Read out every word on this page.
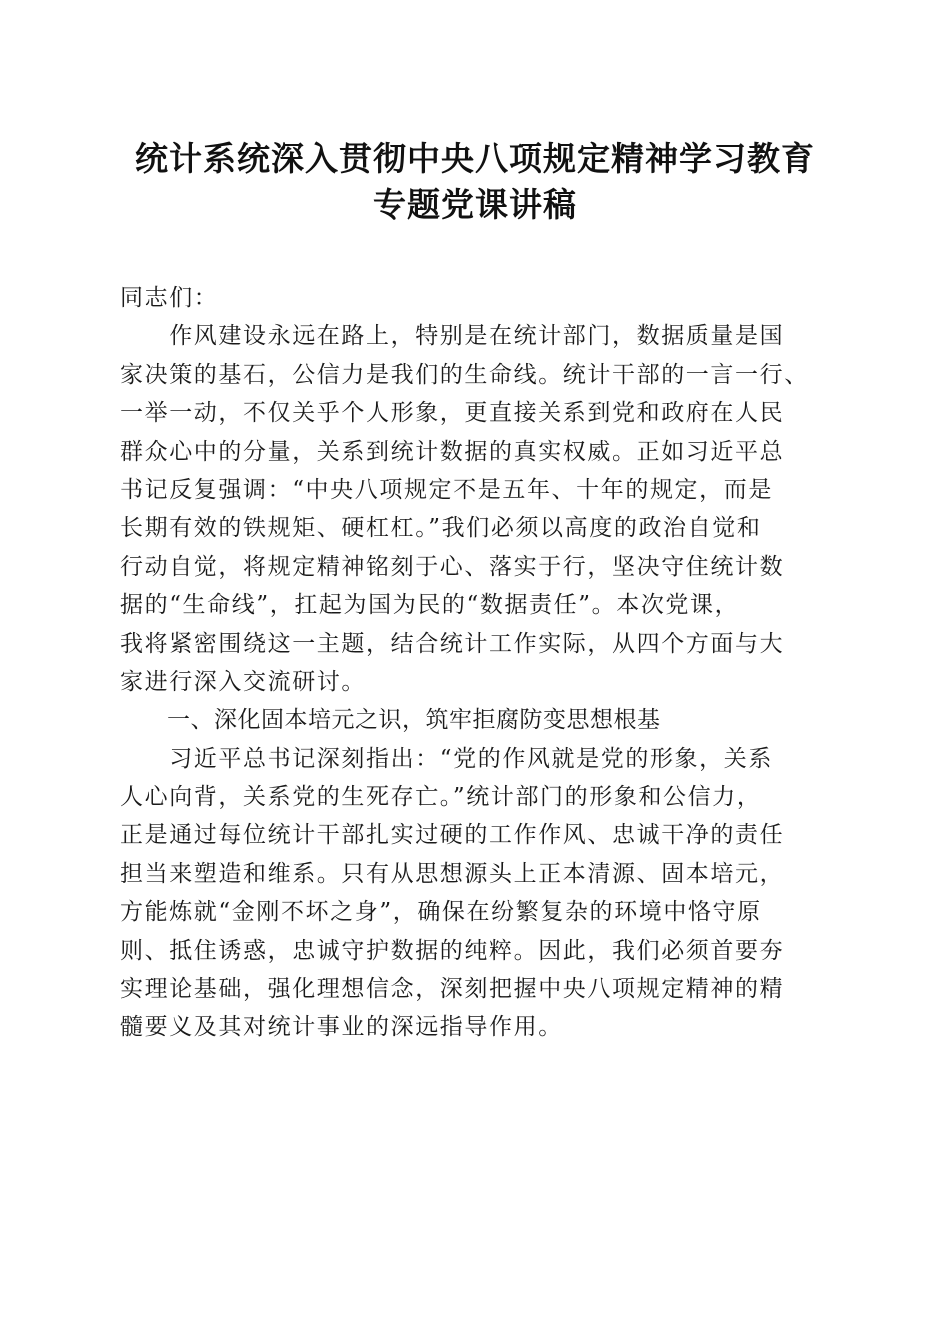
统计系统深入贯彻中央八项规定精神学习教育
专题党课讲稿
同志们：
　　作风建设永远在路上，特别是在统计部门，数据质量是国
家决策的基石，公信力是我们的生命线。统计干部的一言一行、
一举一动，不仅关乎个人形象，更直接关系到党和政府在人民
群众心中的分量，关系到统计数据的真实权威。正如习近平总
书记反复强调：“中央八项规定不是五年、十年的规定，而是
长期有效的铁规矩、硬杠杠。”我们必须以高度的政治自觉和
行动自觉，将规定精神铭刻于心、落实于行，坚决守住统计数
据的“生命线”，扛起为国为民的“数据责任”。本次党课，
我将紧密围绕这一主题，结合统计工作实际，从四个方面与大
家进行深入交流研讨。
　　一、深化固本培元之识，筑牢拒腐防变思想根基
　　习近平总书记深刻指出：“党的作风就是党的形象，关系
人心向背，关系党的生死存亡。”统计部门的形象和公信力，
正是通过每位统计干部扎实过硬的工作作风、忠诚干净的责任
担当来塑造和维系。只有从思想源头上正本清源、固本培元，
方能炼就“金刚不坏之身”，确保在纷繁复杂的环境中恪守原
则、抵住诱惑，忠诚守护数据的纯粹。因此，我们必须首要夯
实理论基础，强化理想信念，深刻把握中央八项规定精神的精
髓要义及其对统计事业的深远指导作用。
